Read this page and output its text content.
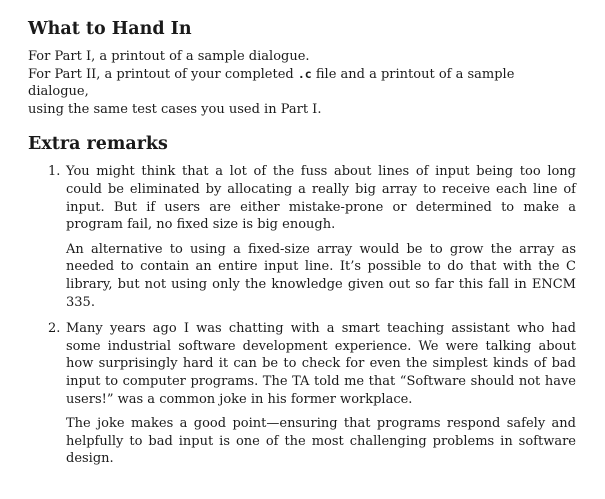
What to Hand In

For Part I, a printout of a sample dialogue.
For Part II, a printout of your completed .c file and a printout of a sample dialogue,
using the same test cases you used in Part I.

Extra remarks
1. You might think that a lot of the fuss about lines of input being too long could be eliminated by allocating a really big array to receive each line of input. But if users are either mistake-prone or determined to make a program fail, no fixed size is big enough.

An alternative to using a fixed-size array would be to grow the array as needed to contain an entire input line. It’s possible to do that with the C library, but not using only the knowledge given out so far this fall in ENCM 335.

2. Many years ago I was chatting with a smart teaching assistant who had some industrial software development experience. We were talking about how surprisingly hard it can be to check for even the simplest kinds of bad input to computer programs. The TA told me that “Software should not have users!” was a common joke in his former workplace.

The joke makes a good point—ensuring that programs respond safely and helpfully to bad input is one of the most challenging problems in software design.
